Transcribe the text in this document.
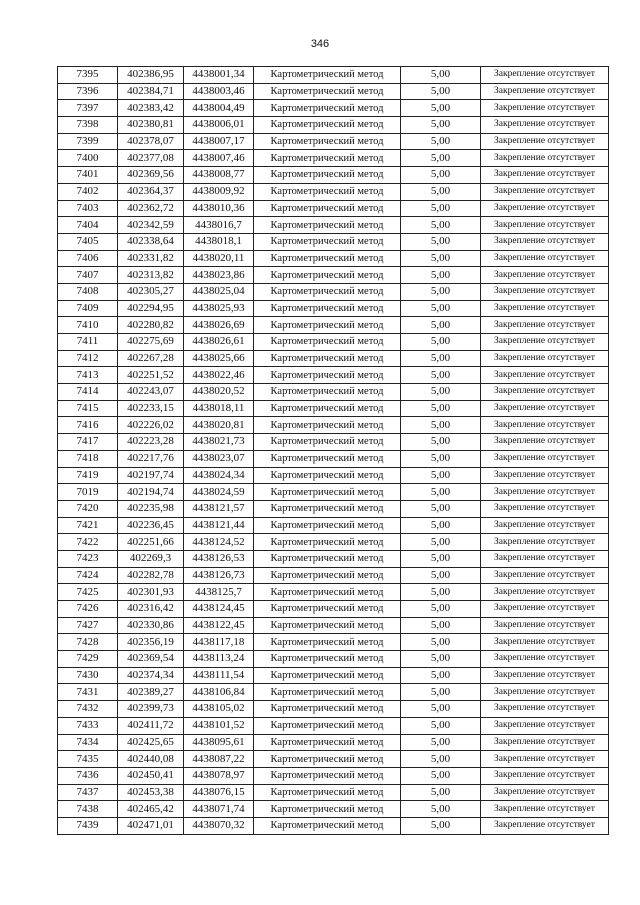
346
7395	402386,95	4438001,34	Картометрический метод	5,00	Закрепление отсутствует
7396	402384,71	4438003,46	Картометрический метод	5,00	Закрепление отсутствует
7397	402383,42	4438004,49	Картометрический метод	5,00	Закрепление отсутствует
7398	402380,81	4438006,01	Картометрический метод	5,00	Закрепление отсутствует
7399	402378,07	4438007,17	Картометрический метод	5,00	Закрепление отсутствует
7400	402377,08	4438007,46	Картометрический метод	5,00	Закрепление отсутствует
7401	402369,56	4438008,77	Картометрический метод	5,00	Закрепление отсутствует
7402	402364,37	4438009,92	Картометрический метод	5,00	Закрепление отсутствует
7403	402362,72	4438010,36	Картометрический метод	5,00	Закрепление отсутствует
7404	402342,59	4438016,7	Картометрический метод	5,00	Закрепление отсутствует
7405	402338,64	4438018,1	Картометрический метод	5,00	Закрепление отсутствует
7406	402331,82	4438020,11	Картометрический метод	5,00	Закрепление отсутствует
7407	402313,82	4438023,86	Картометрический метод	5,00	Закрепление отсутствует
7408	402305,27	4438025,04	Картометрический метод	5,00	Закрепление отсутствует
7409	402294,95	4438025,93	Картометрический метод	5,00	Закрепление отсутствует
7410	402280,82	4438026,69	Картометрический метод	5,00	Закрепление отсутствует
7411	402275,69	4438026,61	Картометрический метод	5,00	Закрепление отсутствует
7412	402267,28	4438025,66	Картометрический метод	5,00	Закрепление отсутствует
7413	402251,52	4438022,46	Картометрический метод	5,00	Закрепление отсутствует
7414	402243,07	4438020,52	Картометрический метод	5,00	Закрепление отсутствует
7415	402233,15	4438018,11	Картометрический метод	5,00	Закрепление отсутствует
7416	402226,02	4438020,81	Картометрический метод	5,00	Закрепление отсутствует
7417	402223,28	4438021,73	Картометрический метод	5,00	Закрепление отсутствует
7418	402217,76	4438023,07	Картометрический метод	5,00	Закрепление отсутствует
7419	402197,74	4438024,34	Картометрический метод	5,00	Закрепление отсутствует
7019	402194,74	4438024,59	Картометрический метод	5,00	Закрепление отсутствует
7420	402235,98	4438121,57	Картометрический метод	5,00	Закрепление отсутствует
7421	402236,45	4438121,44	Картометрический метод	5,00	Закрепление отсутствует
7422	402251,66	4438124,52	Картометрический метод	5,00	Закрепление отсутствует
7423	402269,3	4438126,53	Картометрический метод	5,00	Закрепление отсутствует
7424	402282,78	4438126,73	Картометрический метод	5,00	Закрепление отсутствует
7425	402301,93	4438125,7	Картометрический метод	5,00	Закрепление отсутствует
7426	402316,42	4438124,45	Картометрический метод	5,00	Закрепление отсутствует
7427	402330,86	4438122,45	Картометрический метод	5,00	Закрепление отсутствует
7428	402356,19	4438117,18	Картометрический метод	5,00	Закрепление отсутствует
7429	402369,54	4438113,24	Картометрический метод	5,00	Закрепление отсутствует
7430	402374,34	4438111,54	Картометрический метод	5,00	Закрепление отсутствует
7431	402389,27	4438106,84	Картометрический метод	5,00	Закрепление отсутствует
7432	402399,73	4438105,02	Картометрический метод	5,00	Закрепление отсутствует
7433	402411,72	4438101,52	Картометрический метод	5,00	Закрепление отсутствует
7434	402425,65	4438095,61	Картометрический метод	5,00	Закрепление отсутствует
7435	402440,08	4438087,22	Картометрический метод	5,00	Закрепление отсутствует
7436	402450,41	4438078,97	Картометрический метод	5,00	Закрепление отсутствует
7437	402453,38	4438076,15	Картометрический метод	5,00	Закрепление отсутствует
7438	402465,42	4438071,74	Картометрический метод	5,00	Закрепление отсутствует
7439	402471,01	4438070,32	Картометрический метод	5,00	Закрепление отсутствует
